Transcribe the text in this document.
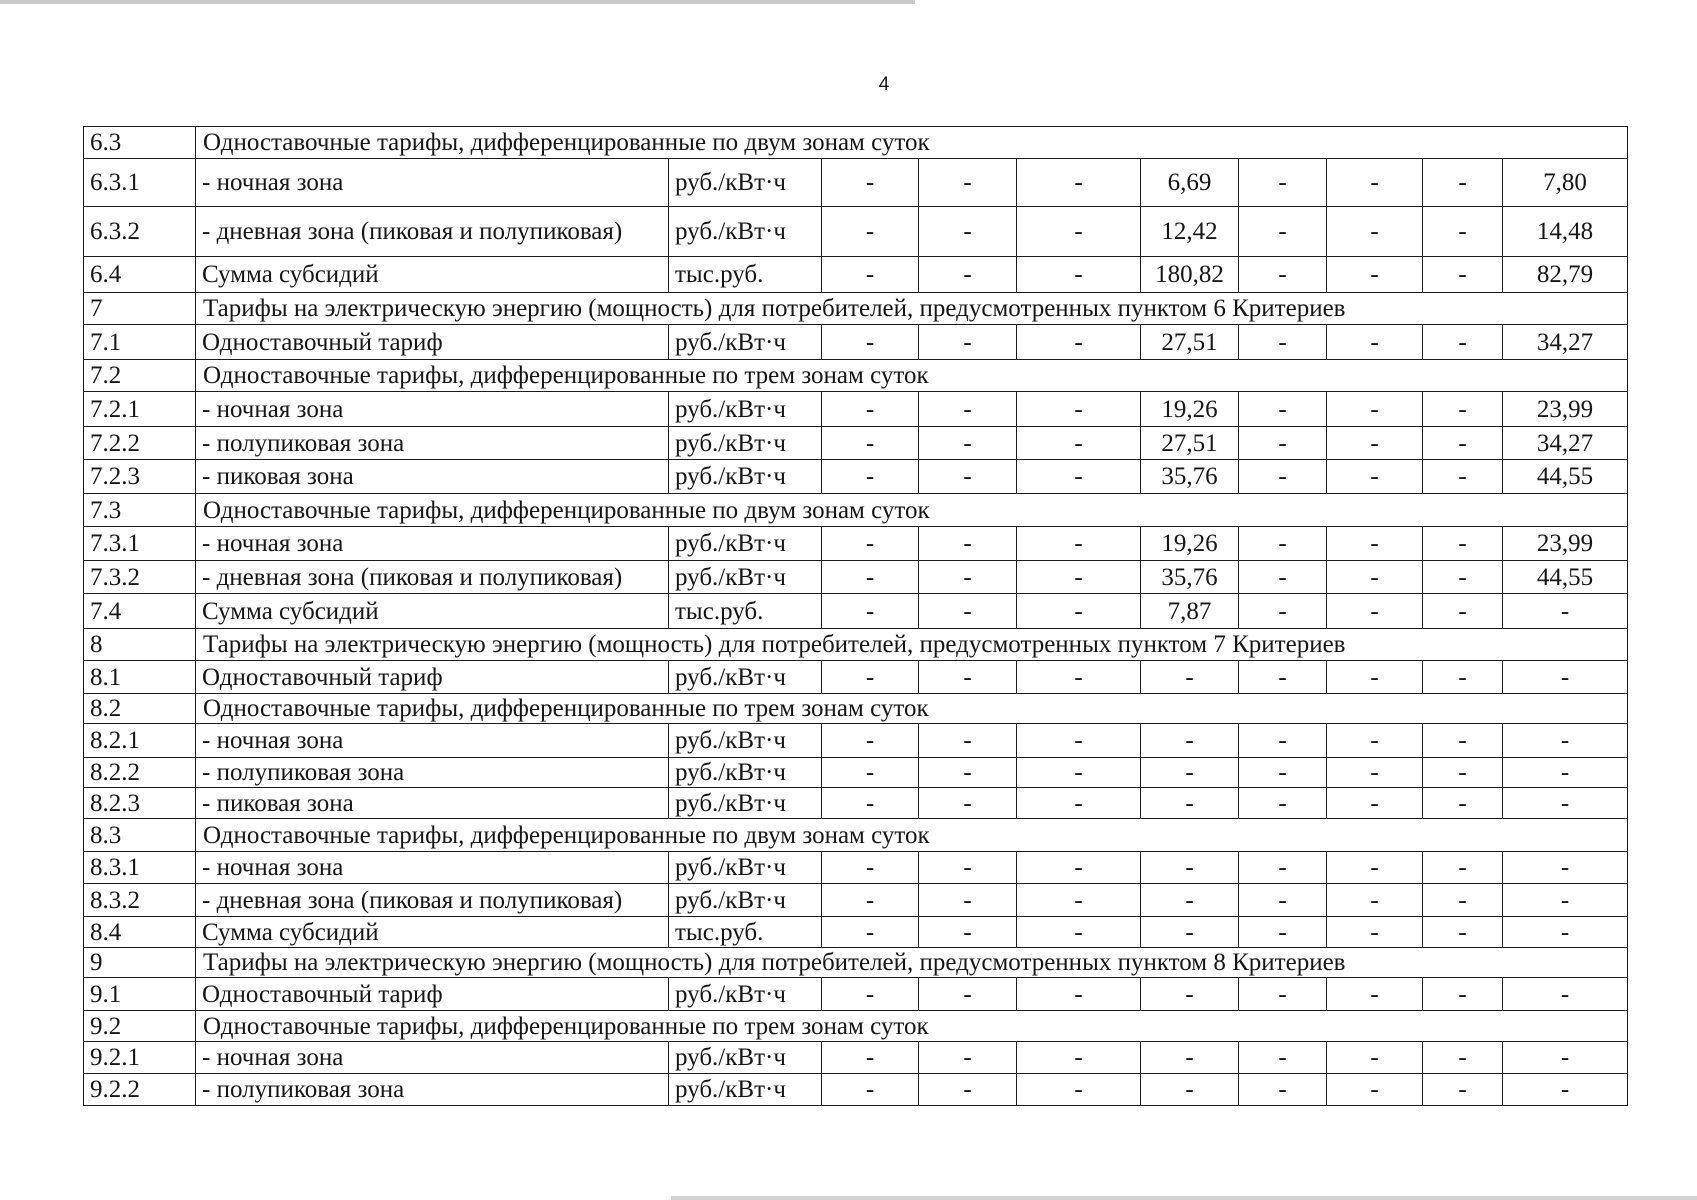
4
6.3	Одноставочные тарифы, дифференцированные по двум зонам суток									
6.3.1	- ночная зона	руб./кВт·ч	-	-	-	6,69	-	-	-	7,80
6.3.2	- дневная зона (пиковая и полупиковая)	руб./кВт·ч	-	-	-	12,42	-	-	-	14,48
6.4	Сумма субсидий	тыс.руб.	-	-	-	180,82	-	-	-	82,79
7	Тарифы на электрическую энергию (мощность) для потребителей, предусмотренных пунктом 6 Критериев									
7.1	Одноставочный тариф	руб./кВт·ч	-	-	-	27,51	-	-	-	34,27
7.2	Одноставочные тарифы, дифференцированные по трем зонам суток									
7.2.1	- ночная зона	руб./кВт·ч	-	-	-	19,26	-	-	-	23,99
7.2.2	- полупиковая зона	руб./кВт·ч	-	-	-	27,51	-	-	-	34,27
7.2.3	- пиковая зона	руб./кВт·ч	-	-	-	35,76	-	-	-	44,55
7.3	Одноставочные тарифы, дифференцированные по двум зонам суток									
7.3.1	- ночная зона	руб./кВт·ч	-	-	-	19,26	-	-	-	23,99
7.3.2	- дневная зона (пиковая и полупиковая)	руб./кВт·ч	-	-	-	35,76	-	-	-	44,55
7.4	Сумма субсидий	тыс.руб.	-	-	-	7,87	-	-	-	-
8	Тарифы на электрическую энергию (мощность) для потребителей, предусмотренных пунктом 7 Критериев									
8.1	Одноставочный тариф	руб./кВт·ч	-	-	-	-	-	-	-	-
8.2	Одноставочные тарифы, дифференцированные по трем зонам суток									
8.2.1	- ночная зона	руб./кВт·ч	-	-	-	-	-	-	-	-
8.2.2	- полупиковая зона	руб./кВт·ч	-	-	-	-	-	-	-	-
8.2.3	- пиковая зона	руб./кВт·ч	-	-	-	-	-	-	-	-
8.3	Одноставочные тарифы, дифференцированные по двум зонам суток									
8.3.1	- ночная зона	руб./кВт·ч	-	-	-	-	-	-	-	-
8.3.2	- дневная зона (пиковая и полупиковая)	руб./кВт·ч	-	-	-	-	-	-	-	-
8.4	Сумма субсидий	тыс.руб.	-	-	-	-	-	-	-	-
9	Тарифы на электрическую энергию (мощность) для потребителей, предусмотренных пунктом 8 Критериев									
9.1	Одноставочный тариф	руб./кВт·ч	-	-	-	-	-	-	-	-
9.2	Одноставочные тарифы, дифференцированные по трем зонам суток									
9.2.1	- ночная зона	руб./кВт·ч	-	-	-	-	-	-	-	-
9.2.2	- полупиковая зона	руб./кВт·ч	-	-	-	-	-	-	-	-
